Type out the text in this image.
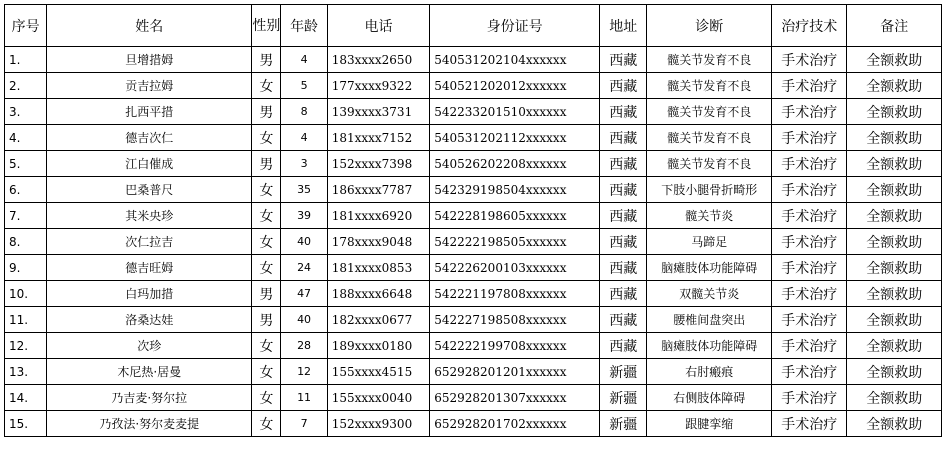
序号	姓名	性别	年龄	电话	身份证号	地址	诊断	治疗技术	备注
1.	旦增措姆	男	4	183xxxx2650	540531202104xxxxxx	西藏	髋关节发育不良	手术治疗	全额救助
2.	贡吉拉姆	女	5	177xxxx9322	540521202012xxxxxx	西藏	髋关节发育不良	手术治疗	全额救助
3.	扎西平措	男	8	139xxxx3731	542233201510xxxxxx	西藏	髋关节发育不良	手术治疗	全额救助
4.	德吉次仁	女	4	181xxxx7152	540531202112xxxxxx	西藏	髋关节发育不良	手术治疗	全额救助
5.	江白催成	男	3	152xxxx7398	540526202208xxxxxx	西藏	髋关节发育不良	手术治疗	全额救助
6.	巴桑普尺	女	35	186xxxx7787	542329198504xxxxxx	西藏	下肢小腿骨折畸形	手术治疗	全额救助
7.	其米央珍	女	39	181xxxx6920	542228198605xxxxxx	西藏	髋关节炎	手术治疗	全额救助
8.	次仁拉吉	女	40	178xxxx9048	542222198505xxxxxx	西藏	马蹄足	手术治疗	全额救助
9.	德吉旺姆	女	24	181xxxx0853	542226200103xxxxxx	西藏	脑瘫肢体功能障碍	手术治疗	全额救助
10.	白玛加措	男	47	188xxxx6648	542221197808xxxxxx	西藏	双髋关节炎	手术治疗	全额救助
11.	洛桑达娃	男	40	182xxxx0677	542227198508xxxxxx	西藏	腰椎间盘突出	手术治疗	全额救助
12.	次珍	女	28	189xxxx0180	542222199708xxxxxx	西藏	脑瘫肢体功能障碍	手术治疗	全额救助
13.	木尼热·居曼	女	12	155xxxx4515	652928201201xxxxxx	新疆	右肘瘢痕	手术治疗	全额救助
14.	乃吉麦·努尔拉	女	11	155xxxx0040	652928201307xxxxxx	新疆	右侧肢体障碍	手术治疗	全额救助
15.	乃孜法·努尔麦麦提	女	7	152xxxx9300	652928201702xxxxxx	新疆	跟腱挛缩	手术治疗	全额救助
